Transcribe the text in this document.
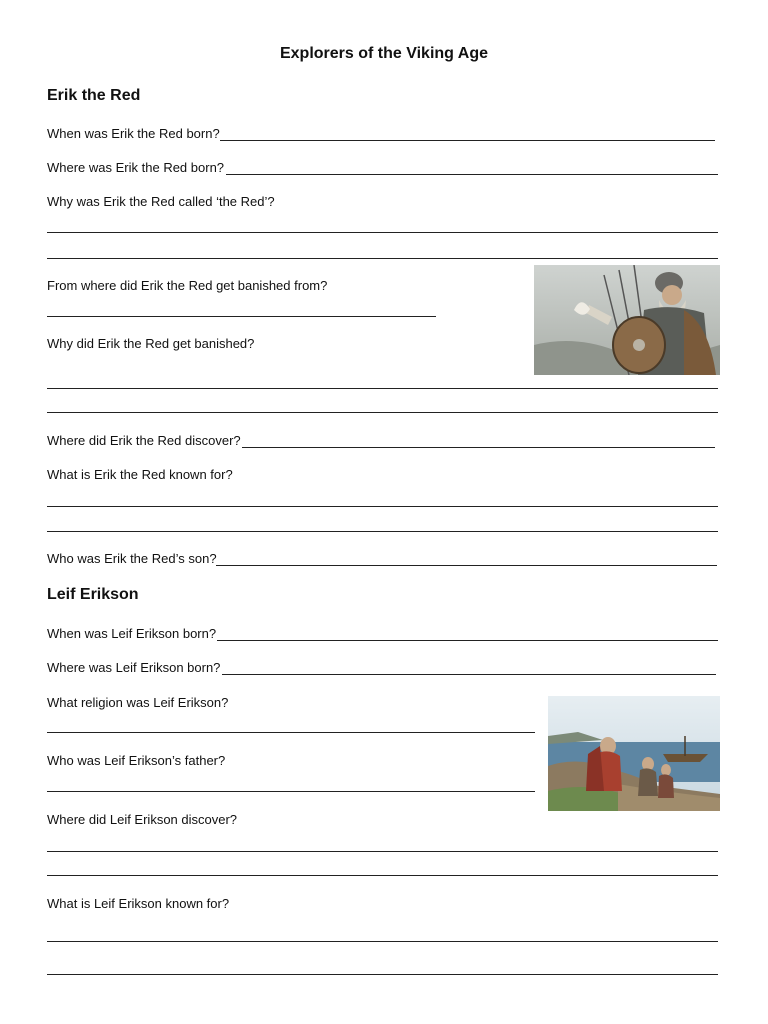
Explorers of the Viking Age
Erik the Red
When was Erik the Red born?
Where was Erik the Red born?
Why was Erik the Red called ‘the Red’?
From where did Erik the Red get banished from?
Why did Erik the Red get banished?
Where did Erik the Red discover?
What is Erik the Red known for?
Who was Erik the Red’s son?
Leif Erikson
When was Leif Erikson born?
Where was Leif Erikson born?
What religion was Leif Erikson?
Who was Leif Erikson’s father?
Where did Leif Erikson discover?
What is Leif Erikson known for?
